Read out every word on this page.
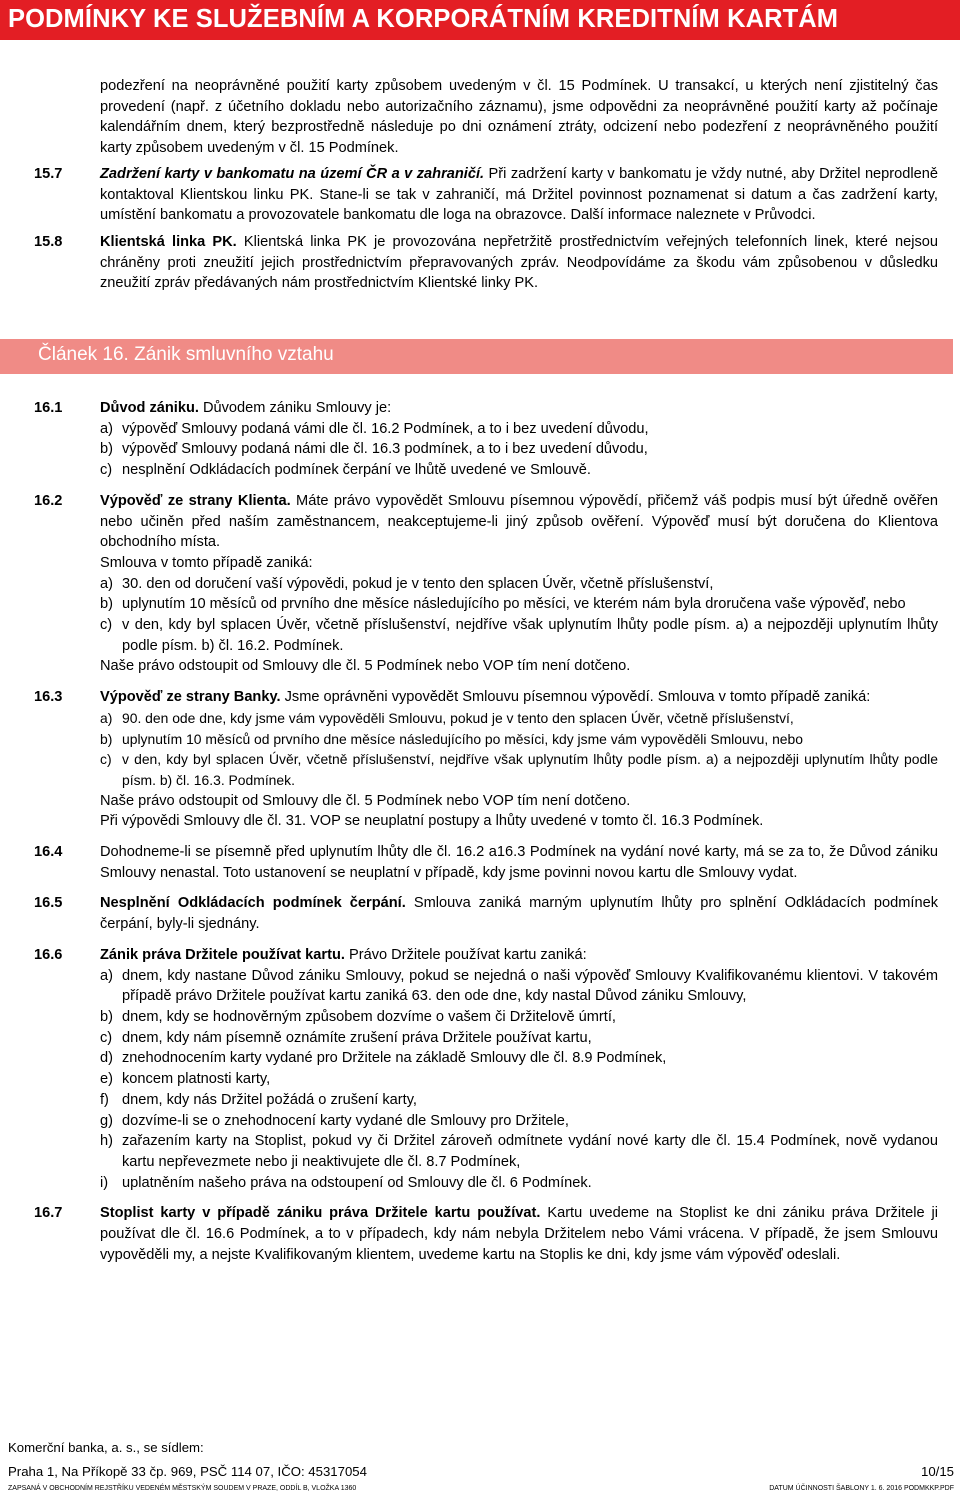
PODMÍNKY KE SLUŽEBNÍM A KORPORÁTNÍM KREDITNÍM KARTÁM
podezření na neoprávněné použití karty způsobem uvedeným v čl. 15 Podmínek. U transakcí, u kterých není zjistitelný čas provedení (např. z účetního dokladu nebo autorizačního záznamu), jsme odpovědni za neoprávněné použití karty až počínaje kalendářním dnem, který bezprostředně následuje po dni oznámení ztráty, odcizení nebo podezření z neoprávněného použití karty způsobem uvedeným v čl. 15 Podmínek.
15.7	Zadržení karty v bankomatu na území ČR a v zahraničí. Při zadržení karty v bankomatu je vždy nutné, aby Držitel neprodleně kontaktoval Klientskou linku PK. Stane-li se tak v zahraničí, má Držitel povinnost poznamenat si datum a čas zadržení karty, umístění bankomatu a provozovatele bankomatu dle loga na obrazovce. Další informace naleznete v Průvodci.
15.8	Klientská linka PK. Klientská linka PK je provozována nepřetržitě prostřednictvím veřejných telefonních linek, které nejsou chráněny proti zneužití jejich prostřednictvím přepravovaných zpráv. Neodpovídáme za škodu vám způsobenou v důsledku zneužití zpráv předávaných nám prostřednictvím Klientské linky PK.
Článek 16. Zánik smluvního vztahu
16.1	Důvod zániku. Důvodem zániku Smlouvy je:
a) výpověď Smlouvy podaná vámi dle čl. 16.2 Podmínek, a to i bez uvedení důvodu,
b) výpověď Smlouvy podaná námi dle čl. 16.3 podmínek, a to i bez uvedení důvodu,
c) nesplnění Odkládacích podmínek čerpání ve lhůtě uvedené ve Smlouvě.
16.2	Výpověď ze strany Klienta. Máte právo vypovědět Smlouvu písemnou výpovědí, přičemž váš podpis musí být úředně ověřen nebo učiněn před naším zaměstnancem, neakceptujeme-li jiný způsob ověření. Výpověď musí být doručena do Klientova obchodního místa.
Smlouva v tomto případě zaniká:
a) 30. den od doručení vaší výpovědi, pokud je v tento den splacen Úvěr, včetně příslušenství,
b) uplynutím 10 měsíců od prvního dne měsíce následujícího po měsíci, ve kterém nám byla droručena vaše výpověď, nebo
c) v den, kdy byl splacen Úvěr, včetně příslušenství, nejdříve však uplynutím lhůty podle písm. a) a nejpozději uplynutím lhůty podle písm. b) čl. 16.2. Podmínek.
Naše právo odstoupit od Smlouvy dle čl. 5 Podmínek nebo VOP tím není dotčeno.
16.3	Výpověď ze strany Banky. Jsme oprávněni vypovědět Smlouvu písemnou výpovědí. Smlouva v tomto případě zaniká:
a) 90. den ode dne, kdy jsme vám vypověděli Smlouvu, pokud je v tento den splacen Úvěr, včetně příslušenství,
b) uplynutím 10 měsíců od prvního dne měsíce následujícího po měsíci, kdy jsme vám vypověděli Smlouvu, nebo
c) v den, kdy byl splacen Úvěr, včetně příslušenství, nejdříve však uplynutím lhůty podle písm. a) a nejpozději uplynutím lhůty podle písm. b) čl. 16.3. Podmínek.
Naše právo odstoupit od Smlouvy dle čl. 5 Podmínek nebo VOP tím není dotčeno.
Při výpovědi Smlouvy dle čl. 31. VOP se neuplatní postupy a lhůty uvedené v tomto čl. 16.3 Podmínek.
16.4	Dohodneme-li se písemně před uplynutím lhůty dle čl. 16.2 a16.3 Podmínek na vydání nové karty, má se za to, že Důvod zániku Smlouvy nenastal. Toto ustanovení se neuplatní v případě, kdy jsme povinni novou kartu dle Smlouvy vydat.
16.5	Nesplnění Odkládacích podmínek čerpání. Smlouva zaniká marným uplynutím lhůty pro splnění Odkládacích podmínek čerpání, byly-li sjednány.
16.6	Zánik práva Držitele používat kartu. Právo Držitele používat kartu zaniká:
a) dnem, kdy nastane Důvod zániku Smlouvy, pokud se nejedná o naši výpověď Smlouvy Kvalifikovanému klientovi. V takovém případě právo Držitele používat kartu zaniká 63. den ode dne, kdy nastal Důvod zániku Smlouvy,
b) dnem, kdy se hodnověrným způsobem dozvíme o vašem či Držitelově úmrtí,
c) dnem, kdy nám písemně oznámíte zrušení práva Držitele používat kartu,
d) znehodnocením karty vydané pro Držitele na základě Smlouvy dle čl. 8.9 Podmínek,
e) koncem platnosti karty,
f) dnem, kdy nás Držitel požádá o zrušení karty,
g) dozvíme-li se o znehodnocení karty vydané dle Smlouvy pro Držitele,
h) zařazením karty na Stoplist, pokud vy či Držitel zároveň odmítnete vydání nové karty dle čl. 15.4 Podmínek, nově vydanou kartu nepřevezmete nebo ji neaktivujete dle čl. 8.7 Podmínek,
i) uplatněním našeho práva na odstoupení od Smlouvy dle čl. 6 Podmínek.
16.7	Stoplist karty v případě zániku práva Držitele kartu používat. Kartu uvedeme na Stoplist ke dni zániku práva Držitele ji používat dle čl. 16.6 Podmínek, a to v případech, kdy nám nebyla Držitelem nebo Vámi vrácena. V případě, že jsem Smlouvu vypověděli my, a nejste Kvalifikovaným klientem, uvedeme kartu na Stoplis ke dni, kdy jsme vám výpověď odeslali.
Komerční banka, a. s., se sídlem:
Praha 1, Na Příkopě 33 čp. 969, PSČ 114 07, IČO: 45317054	10/15
ZAPSANÁ V OBCHODNÍM REJSTŘÍKU VEDENÉM MĚSTSKÝM SOUDEM V PRAZE, ODDÍL B, VLOŽKA 1360	DATUM ÚČINNOSTI ŠABLONY 1. 6. 2016 PODMKKP.PDF
